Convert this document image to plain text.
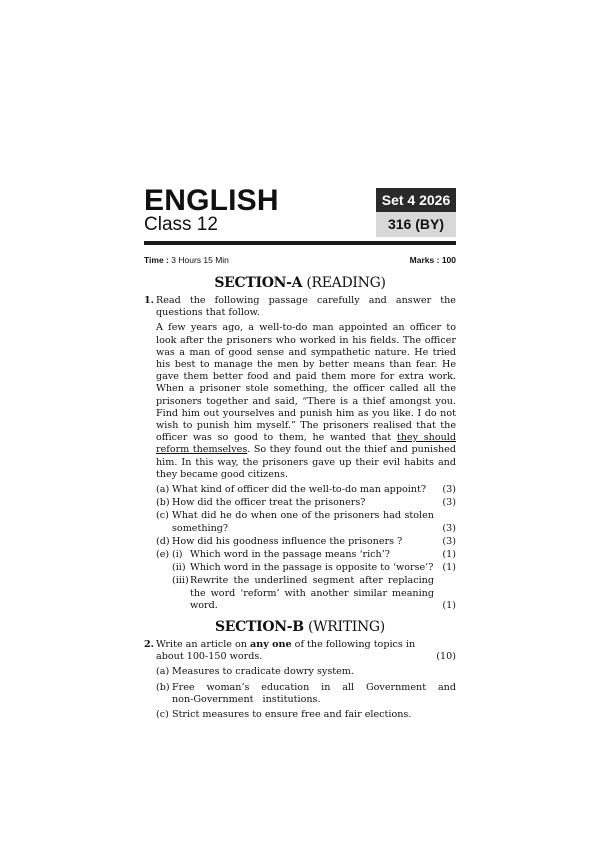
ENGLISH
Class 12
Set 4 2026
316 (BY)
Time : 3 Hours 15 Min	Marks : 100
SECTION-A (READING)
1. Read the following passage carefully and answer the questions that follow.
A few years ago, a well-to-do man appointed an officer to look after the prisoners who worked in his fields. The officer was a man of good sense and sympathetic nature. He tried his best to manage the men by better means than fear. He gave them better food and paid them more for extra work. When a prisoner stole something, the officer called all the prisoners together and said, “There is a thief amongst you. Find him out yourselves and punish him as you like. I do not wish to punish him myself.” The prisoners realised that the officer was so good to them, he wanted that they should reform themselves. So they found out the thief and punished him. In this way, the prisoners gave up their evil habits and they became good citizens.
(a) What kind of officer did the well-to-do man appoint?	(3)
(b) How did the officer treat the prisoners?	(3)
(c) What did he do when one of the prisoners had stolen something?	(3)
(d) How did his goodness influence the prisoners ?	(3)
(e) (i) Which word in the passage means ‘rich’?	(1)
(ii) Which word in the passage is opposite to ‘worse’? (1)
(iii) Rewrite the underlined segment after replacing the word ‘reform’ with another similar meaning word.	(1)
SECTION-B (WRITING)
2. Write an article on any one of the following topics in about 100-150 words.	(10)
(a) Measures to cradicate dowry system.
(b) Free woman’s education in all Government and non-Government institutions.
(c) Strict measures to ensure free and fair elections.
